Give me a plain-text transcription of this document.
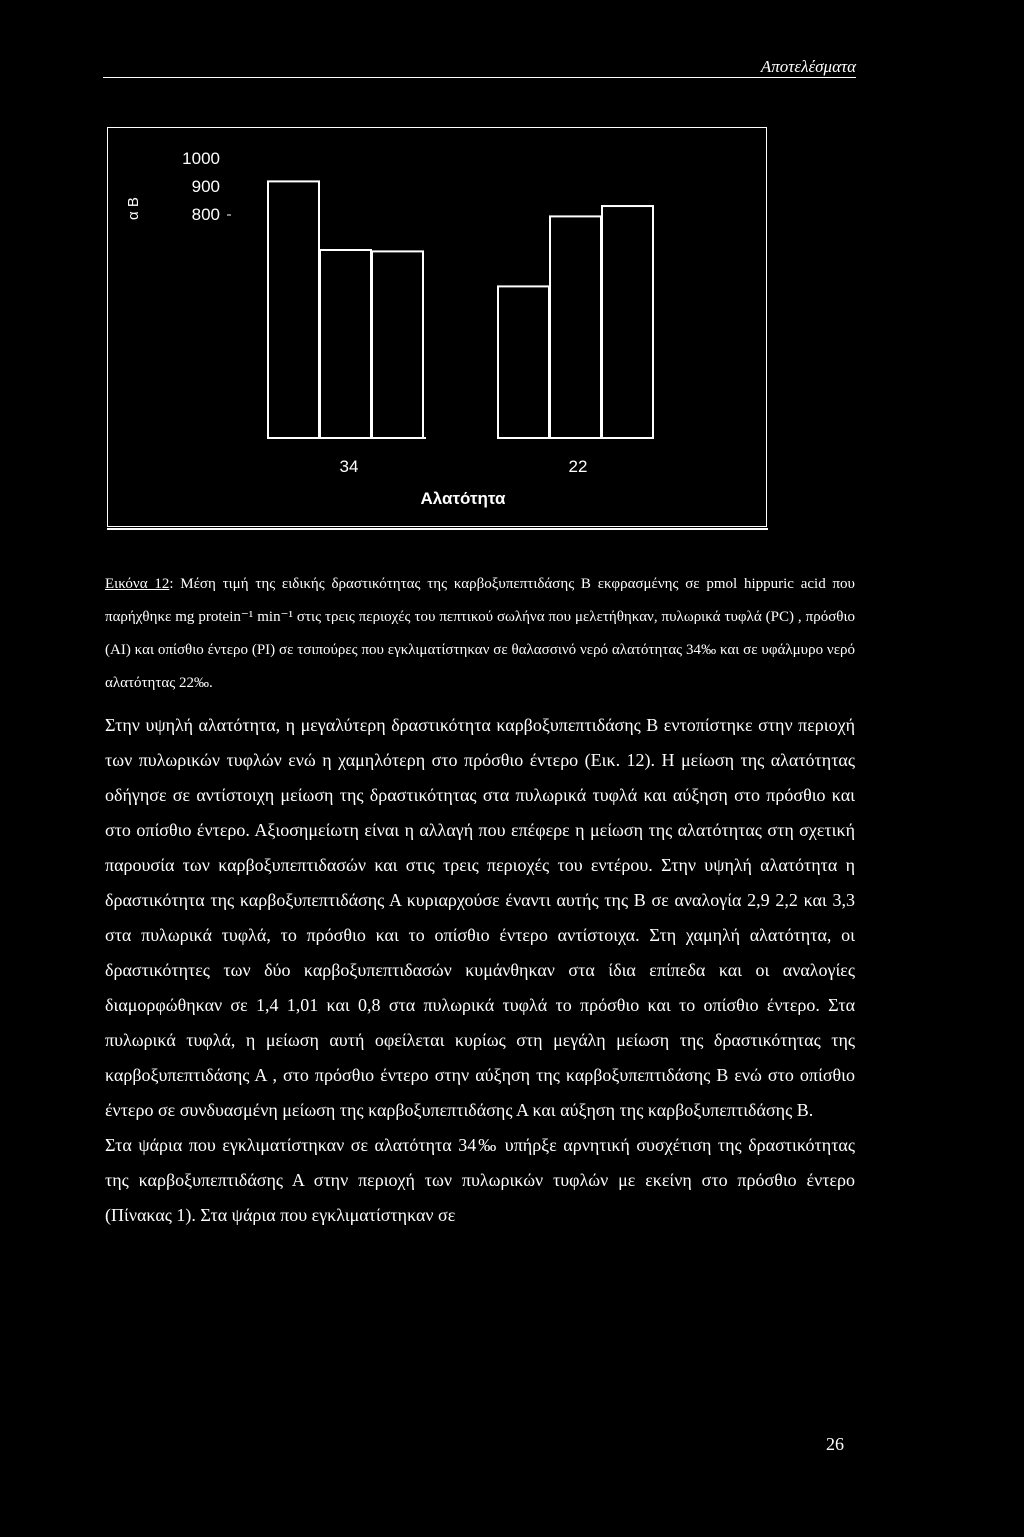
Αποτελέσματα
α Β
1000
900
800
34	22
Αλατότητα
Εικόνα 12: Μέση τιμή της ειδικής δραστικότητας της καρβοξυπεπτιδάσης Β εκφρασμένης σε pmol hippuric acid που παρήχθηκε mg protein⁻¹ min⁻¹ στις τρεις περιοχές του πεπτικού σωλήνα που μελετήθηκαν, πυλωρικά τυφλά (PC) , πρόσθιο (AI) και οπίσθιο έντερο (PI) σε τσιπούρες που εγκλιματίστηκαν σε θαλασσινό νερό αλατότητας 34‰ και σε υφάλμυρο νερό αλατότητας 22‰.

Στην υψηλή αλατότητα, η μεγαλύτερη δραστικότητα καρβοξυπεπτιδάσης Β εντοπίστηκε στην περιοχή των πυλωρικών τυφλών ενώ η χαμηλότερη στο πρόσθιο έντερο (Εικ. 12). Η μείωση της αλατότητας οδήγησε σε αντίστοιχη μείωση της δραστικότητας στα πυλωρικά τυφλά και αύξηση στο πρόσθιο και στο οπίσθιο έντερο. Αξιοσημείωτη είναι η αλλαγή που επέφερε η μείωση της αλατότητας στη σχετική παρουσία των καρβοξυπεπτιδασών και στις τρεις περιοχές του εντέρου. Στην υψηλή αλατότητα η δραστικότητα της καρβοξυπεπτιδάσης Α κυριαρχούσε έναντι αυτής της Β σε αναλογία 2,9 2,2 και 3,3 στα πυλωρικά τυφλά, το πρόσθιο και το οπίσθιο έντερο αντίστοιχα. Στη χαμηλή αλατότητα, οι δραστικότητες των δύο καρβοξυπεπτιδασών κυμάνθηκαν στα ίδια επίπεδα και οι αναλογίες διαμορφώθηκαν σε 1,4 1,01 και 0,8 στα πυλωρικά τυφλά το πρόσθιο και το οπίσθιο έντερο. Στα πυλωρικά τυφλά, η μείωση αυτή οφείλεται κυρίως στη μεγάλη μείωση της δραστικότητας της καρβοξυπεπτιδάσης Α , στο πρόσθιο έντερο στην αύξηση της καρβοξυπεπτιδάσης Β ενώ στο οπίσθιο έντερο σε συνδυασμένη μείωση της καρβοξυπεπτιδάσης Α και αύξηση της καρβοξυπεπτιδάσης Β.

Στα ψάρια που εγκλιματίστηκαν σε αλατότητα 34‰ υπήρξε αρνητική συσχέτιση της δραστικότητας της καρβοξυπεπτιδάσης Α στην περιοχή των πυλωρικών τυφλών με εκείνη στο πρόσθιο έντερο (Πίνακας 1). Στα ψάρια που εγκλιματίστηκαν σε

26
